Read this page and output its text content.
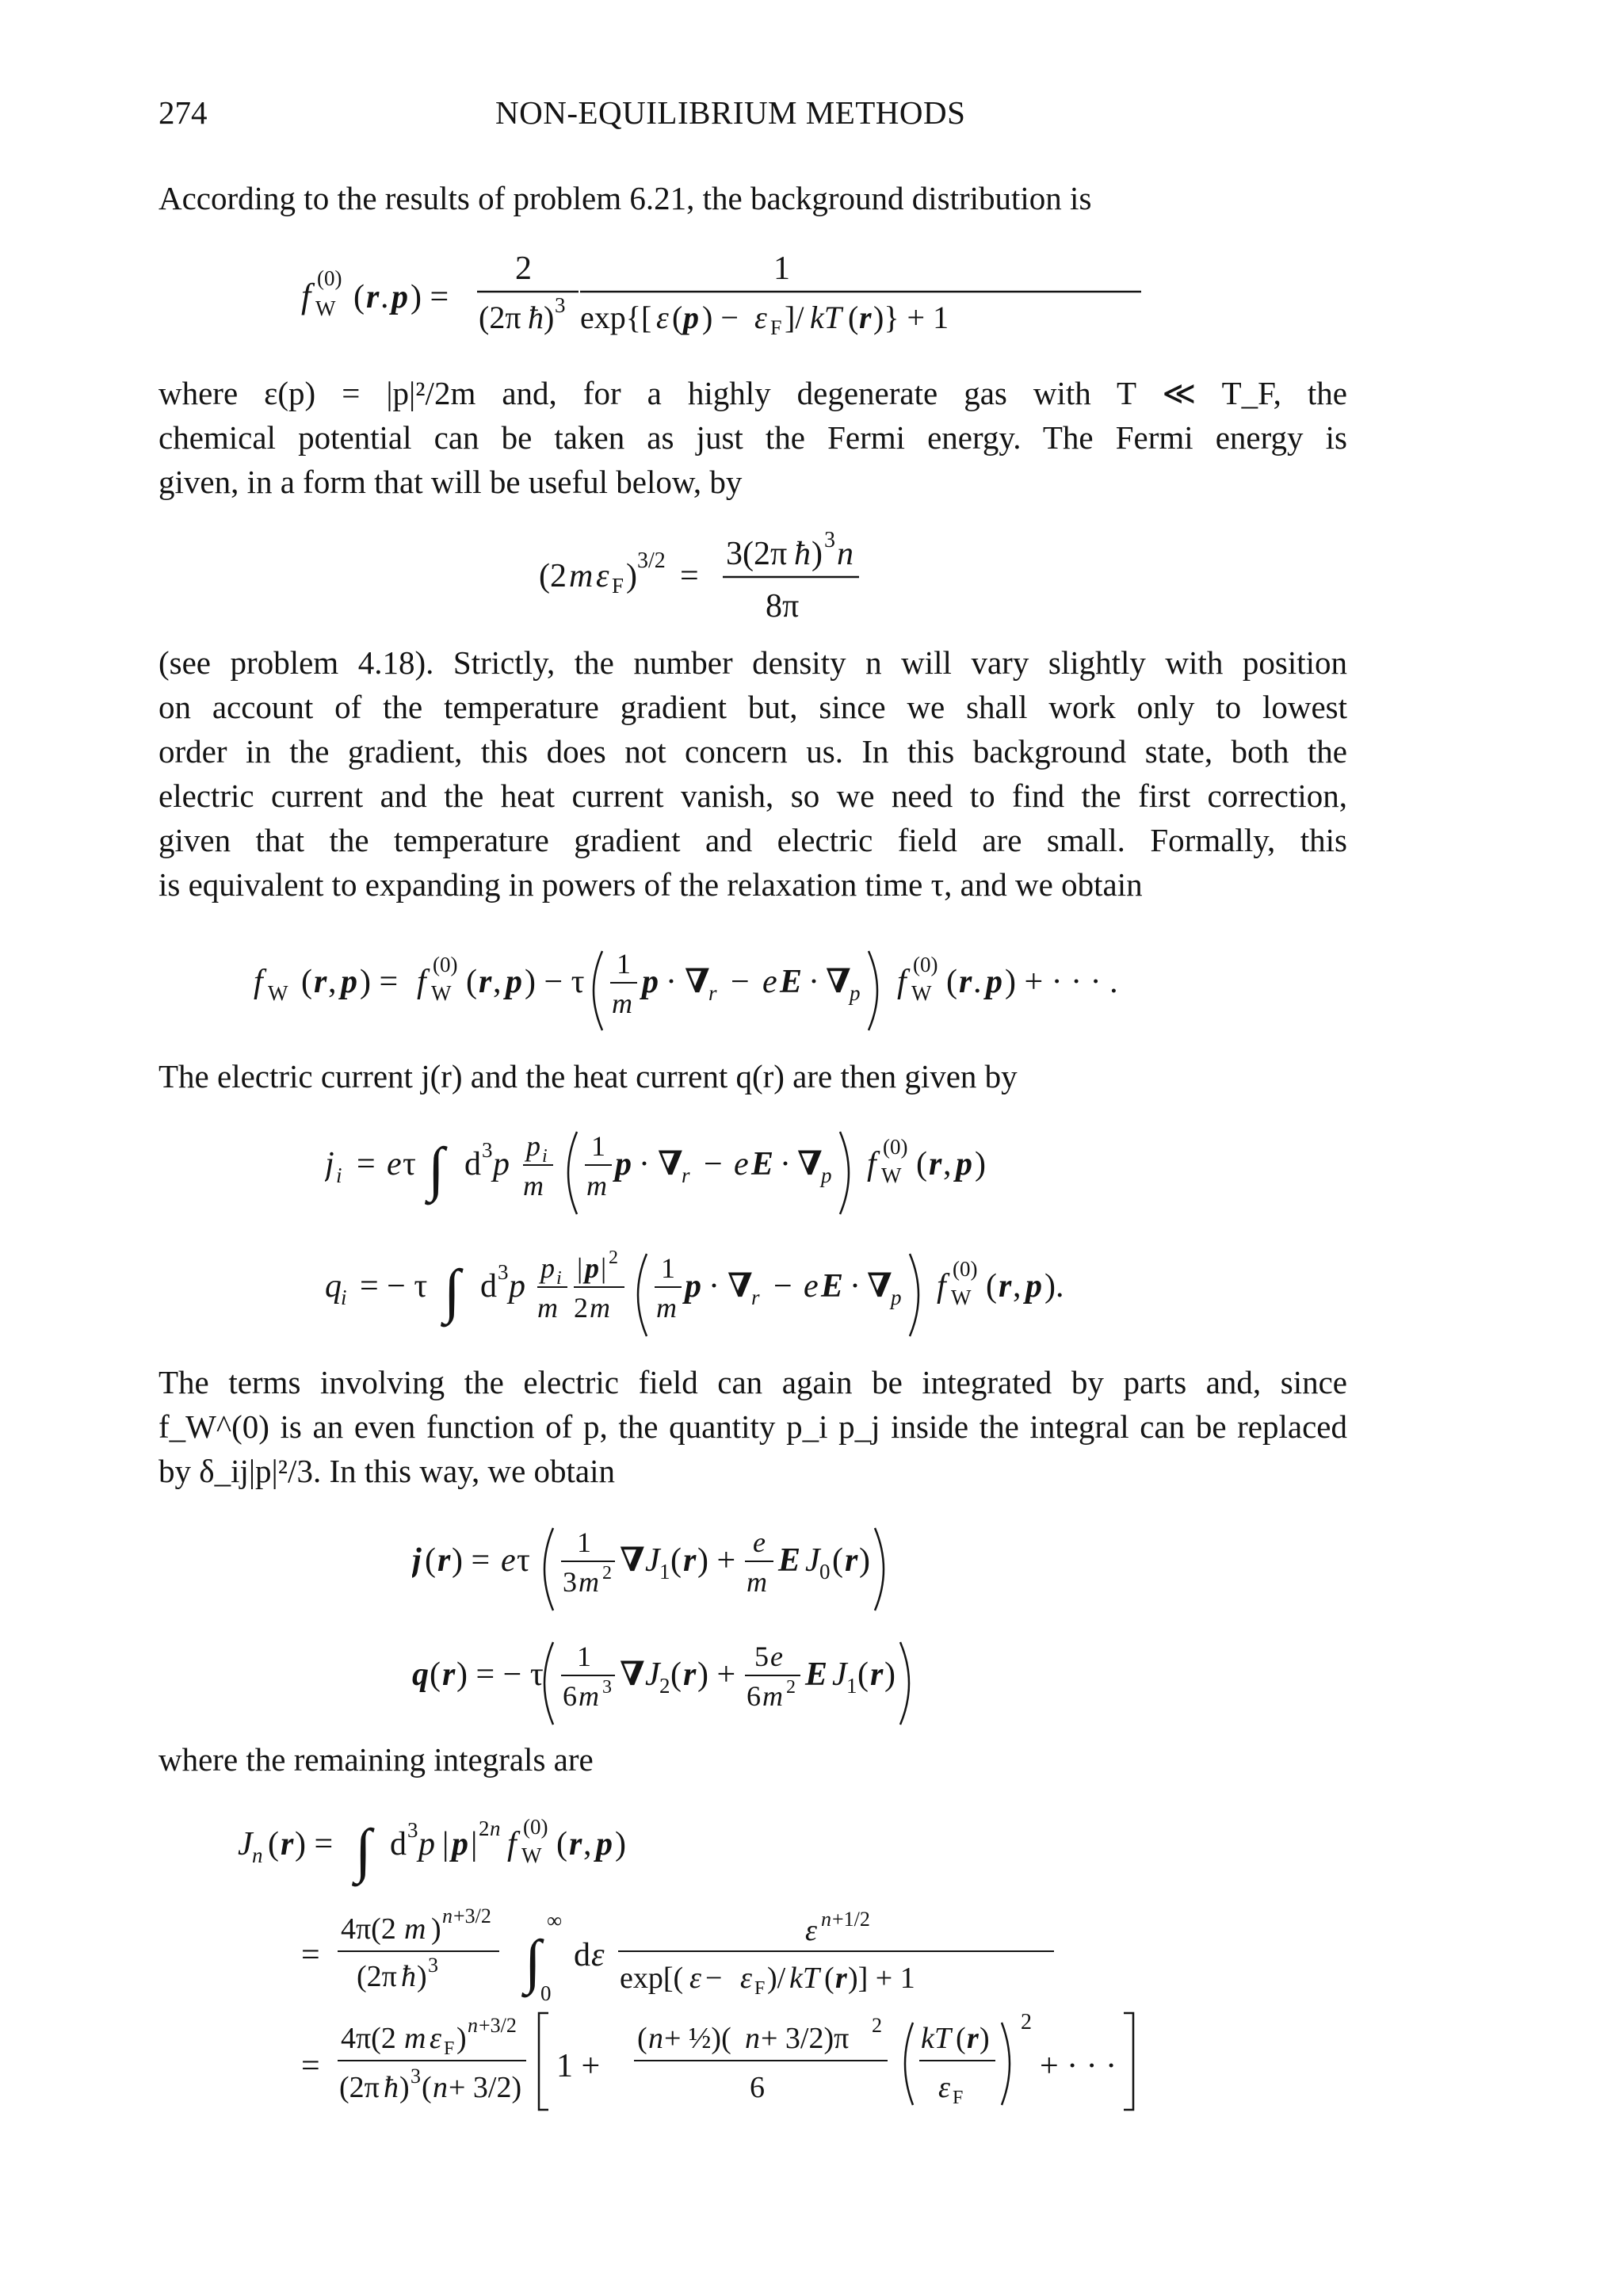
274	NON-EQUILIBRIUM METHODS
According to the results of problem 6.21, the background distribution is
f W
(0)
( r . p ) =
2
(2π ħ ) 3
1
exp{[ ε ( p ) − ε F ]/ kT ( r )} + 1
where ε(p) = |p|²/2m and, for a highly degenerate gas with T ≪ T_F, the
chemical potential can be taken as just the Fermi energy. The Fermi energy is
given, in a form that will be useful below, by
(2 m ε F ) 3/2 =
3(2π ħ ) 3 n
8π
(see problem 4.18). Strictly, the number density n will vary slightly with position
on account of the temperature gradient but, since we shall work only to lowest
order in the gradient, this does not concern us. In this background state, both the
electric current and the heat current vanish, so we need to find the first correction,
given that the temperature gradient and electric field are small. Formally, this
is equivalent to expanding in powers of the relaxation time τ, and we obtain
f W ( r , p ) = f W
(0) ( r , p ) − τ 1
m
p · ∇
r − e E · ∇
p f W
(0) ( r . p ) + · · · .
The electric current j(r) and the heat current q(r) are then given by
j i = e τ ∫ d 3 p p i
m
1
m
p · ∇
r − e E · ∇
p f W
(0) ( r , p )
q i = − τ ∫ d 3 p p i
m
| p | 2
2 m
1
m
p · ∇
r − e E · ∇
p f W
(0) ( r , p ).
The terms involving the electric field can again be integrated by parts and, since
f_W^(0) is an even function of p, the quantity p_i p_j inside the integral can be replaced
by δ_ij|p|²/3. In this way, we obtain
j ( r ) = e τ 1
3 m 2 ∇ J 1 ( r ) + e
m
E J 0 ( r )
q ( r ) = − τ 1
6 m 3 ∇ J 2 ( r ) + 5 e
6 m 2 E J 1 ( r )
where the remaining integrals are
J n ( r ) = ∫ d 3 p | p | 2 n f W
(0) ( r , p )
=
4π(2 m ) n +3/2
(2π ħ ) 3 ∫
∞
0
d ε
ε n +1/2
exp[( ε − ε F )/ kT ( r )] + 1
=
4π(2 m ε F ) n +3/2
(2π ħ ) 3 ( n + 3/2)
1 +
( n + ½)( n + 3/2)π 2
6
kT ( r )
ε F
2
+ · · ·
